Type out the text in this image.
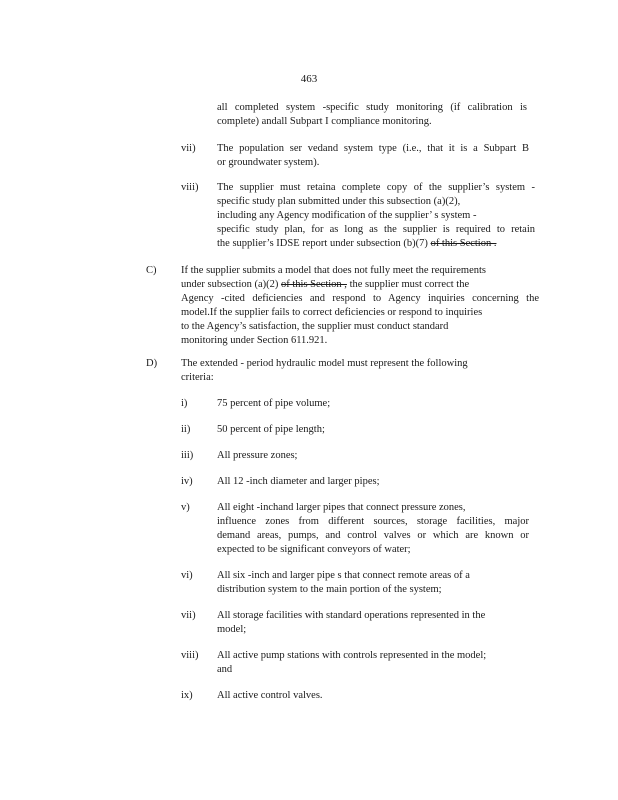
463
all completed system -specific study monitoring (if calibration is
complete) andall Subpart I compliance monitoring.
vii) The population ser vedand system type (i.e., that it is a Subpart B
or groundwater system).
viii) The supplier must retaina complete copy of the supplier’s system -
specific study plan submitted under this subsection (a)(2),
including any Agency modification of the supplier’ s system -
specific study plan, for as long as the supplier is required to retain
the supplier’s IDSE report under subsection (b)(7) of this Section .
C) If the supplier submits a model that does not fully meet the requirements
under subsection (a)(2) of this Section , the supplier must correct the
Agency -cited deficiencies and respond to Agency inquiries concerning the
model.If the supplier fails to correct deficiencies or respond to inquiries
to the Agency’s satisfaction, the supplier must conduct standard
monitoring under Section 611.921.
D) The extended - period hydraulic model must represent the following
criteria:
i)	75 percent of pipe volume;
ii)	50 percent of pipe length;
iii) All pressure zones;
iv) All 12 -inch diameter and larger pipes;
v)	All eight -inchand larger pipes that connect pressure zones,
influence zones from different sources, storage facilities, major
demand areas, pumps, and control valves or which are known or
expected to be significant conveyors of water;
vi) All six -inch and larger pipe s that connect remote areas of a
distribution system to the main portion of the system;
vii) All storage facilities with standard operations represented in the
model;
viii) All active pump stations with controls represented in the model;
and
ix) All active control valves.
